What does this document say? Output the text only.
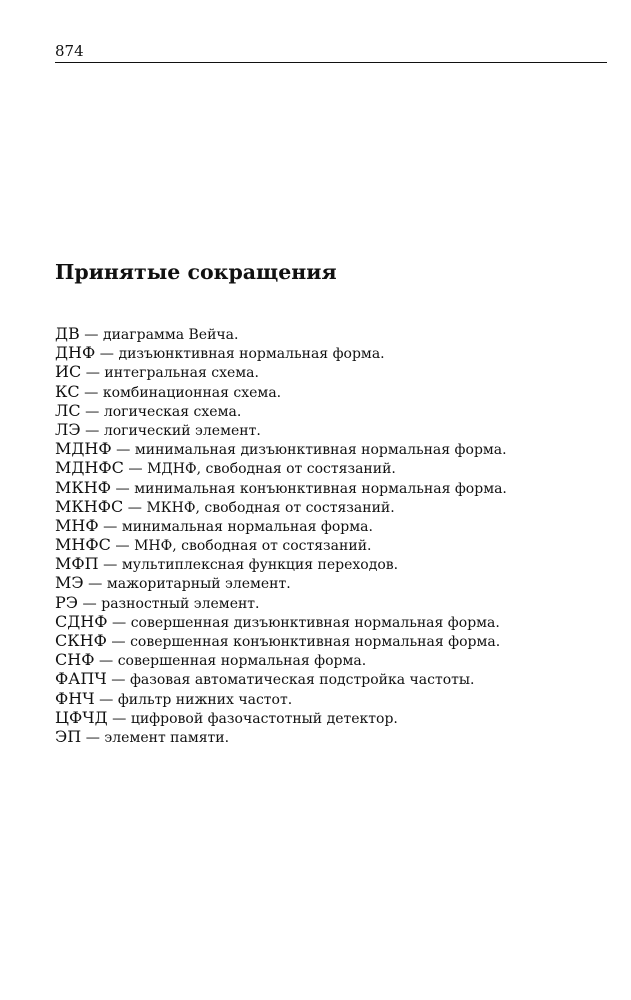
874
Принятые сокращения
ДВ — диаграмма Вейча.
ДНФ — дизъюнктивная нормальная форма.
ИС — интегральная схема.
КС — комбинационная схема.
ЛС — логическая схема.
ЛЭ — логический элемент.
МДНФ — минимальная дизъюнктивная нормальная форма.
МДНФС — МДНФ, свободная от состязаний.
МКНФ — минимальная конъюнктивная нормальная форма.
МКНФС — МКНФ, свободная от состязаний.
МНФ — минимальная нормальная форма.
МНФС — МНФ, свободная от состязаний.
МФП — мультиплексная функция переходов.
МЭ — мажоритарный элемент.
РЭ — разностный элемент.
СДНФ — совершенная дизъюнктивная нормальная форма.
СКНФ — совершенная конъюнктивная нормальная форма.
СНФ — совершенная нормальная форма.
ФАПЧ — фазовая автоматическая подстройка частоты.
ФНЧ — фильтр нижних частот.
ЦФЧД — цифровой фазочастотный детектор.
ЭП — элемент памяти.
